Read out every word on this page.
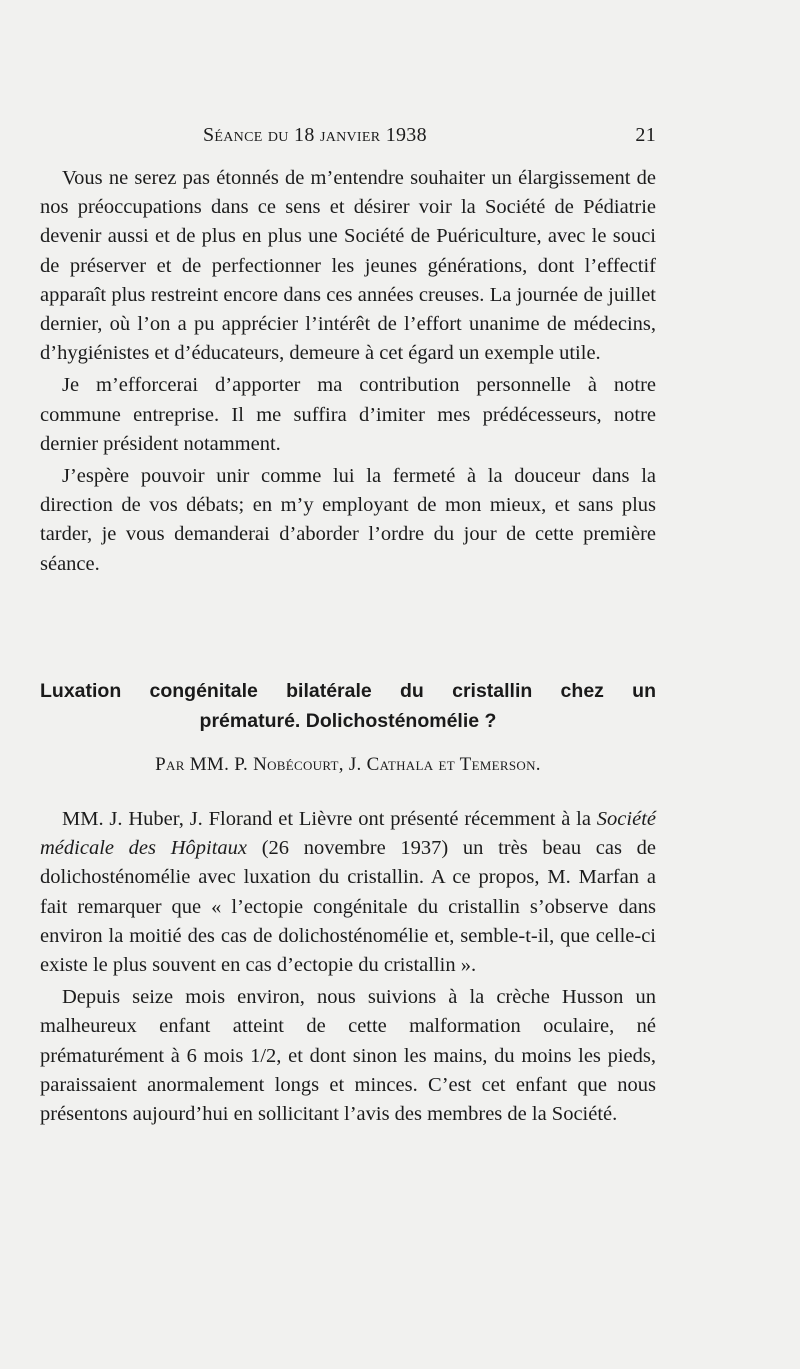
Séance du 18 janvier 1938	21

Vous ne serez pas étonnés de m’entendre souhaiter un élargissement de nos préoccupations dans ce sens et désirer voir la Société de Pédiatrie devenir aussi et de plus en plus une Société de Puériculture, avec le souci de préserver et de perfectionner les jeunes générations, dont l’effectif apparaît plus restreint encore dans ces années creuses. La journée de juillet dernier, où l’on a pu apprécier l’intérêt de l’effort unanime de médecins, d’hygiénistes et d’éducateurs, demeure à cet égard un exemple utile.

Je m’efforcerai d’apporter ma contribution personnelle à notre commune entreprise. Il me suffira d’imiter mes prédécesseurs, notre dernier président notamment.

J’espère pouvoir unir comme lui la fermeté à la douceur dans la direction de vos débats; en m’y employant de mon mieux, et sans plus tarder, je vous demanderai d’aborder l’ordre du jour de cette première séance.

Luxation congénitale bilatérale du cristallin chez un
prématuré. Dolichosténomélie ?
Par MM. P. Nobécourt, J. Cathala et Temerson.

MM. J. Huber, J. Florand et Lièvre ont présenté récemment à la Société médicale des Hôpitaux (26 novembre 1937) un très beau cas de dolichosténomélie avec luxation du cristallin. A ce propos, M. Marfan a fait remarquer que « l’ectopie congénitale du cristallin s’observe dans environ la moitié des cas de dolichosténomélie et, semble-t-il, que celle-ci existe le plus souvent en cas d’ectopie du cristallin ».

Depuis seize mois environ, nous suivions à la crèche Husson un malheureux enfant atteint de cette malformation oculaire, né prématurément à 6 mois 1/2, et dont sinon les mains, du moins les pieds, paraissaient anormalement longs et minces. C’est cet enfant que nous présentons aujourd’hui en sollicitant l’avis des membres de la Société.
